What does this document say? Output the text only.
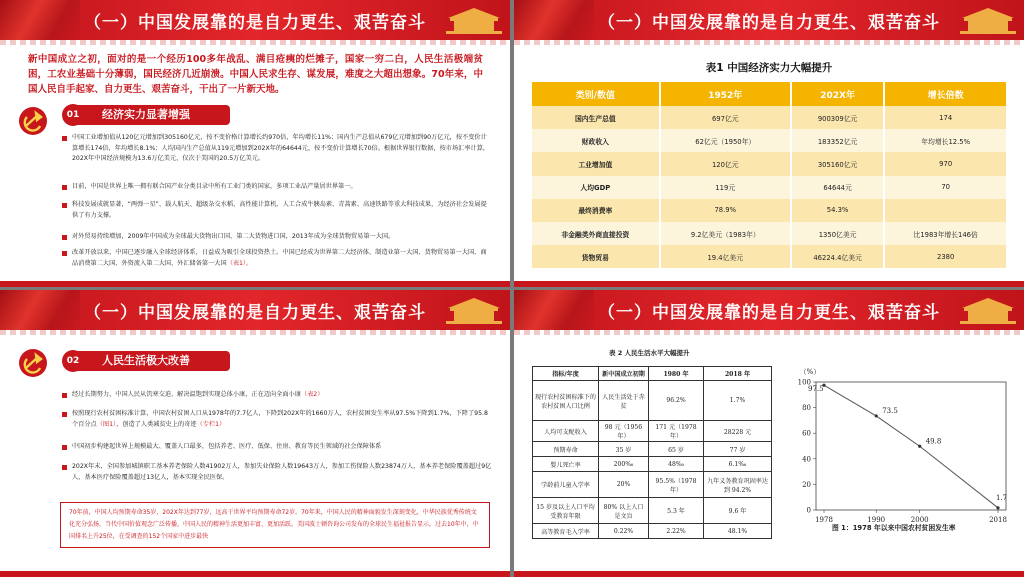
（一）中国发展靠的是自力更生、艰苦奋斗
新中国成立之初，面对的是一个经历100多年战乱、满目疮痍的烂摊子，国家一穷二白，人民生活极端贫困，工农业基础十分薄弱，国民经济几近崩溃。中国人民求生存、谋发展，难度之大超出想象。70年来，中国人民自手起家、自力更生、艰苦奋斗，干出了一片新天地。
01	经济实力显著增强
中国工业增加值从120亿元增加到305160亿元，按不变价格计算增长约970倍，年均增长11%；国内生产总值从679亿元增加到90万亿元，按不变价计算增长174倍，年均增长8.1%；人均国内生产总值从119元增加到202X年的64644元，按不变价计算增长70倍。根据世界银行数据，按市场汇率计算，202X年中国经济规模为13.6万亿美元，仅次于美国的20.5万亿美元。
目前，中国是世界上唯一拥有联合国产业分类目录中所有工业门类的国家，多项工业品产量居世界第一。
科技发展成就显著，“两弹一星”、载人航天、超级杂交水稻、高性能计算机、人工合成牛胰岛素、青蒿素、高速铁路等重大科技成果，为经济社会发展提供了有力支撑。
对外贸易持续增加，2009年中国成为全球最大货物出口国、第二大货物进口国，2013年成为全球货物贸易第一大国。
改革开放以来，中国已逐步融入全球经济体系，日益成为吸引全球投资热土。中国已经成为世界第二大经济体、制造业第一大国、货物贸易第一大国、商品消费第二大国、外资流入第二大国、外汇储备第一大国（表1）。
（一）中国发展靠的是自力更生、艰苦奋斗
表1 中国经济实力大幅提升
类别/数值	1952年	202X年	增长倍数
国内生产总值	697亿元	900309亿元	174
财政收入	62亿元（1950年）	183352亿元	年均增长12.5%
工业增加值	120亿元	305160亿元	970
人均GDP	119元	64644元	70
最终消费率	78.9%	54.3%	
非金融类外商直接投资	9.2亿美元（1983年）	1350亿美元	比1983年增长146倍
货物贸易	19.4亿美元	46224.4亿美元	2380
（一）中国发展靠的是自力更生、艰苦奋斗
02	人民生活极大改善
经过长期努力，中国人民从饥寒交迫、解决温饱到实现总体小康，正在迈向全面小康（表2）
按照现行农村贫困标准计算，中国农村贫困人口从1978年的7.7亿人，下降到202X年的1660万人，农村贫困发生率从97.5%下降到1.7%，下降了95.8个百分点（图1），创造了人类减贫史上的奇迹（专栏1）
中国初步构建起世界上规模最大、覆盖人口最多，包括养老、医疗、低保、住房、教育等民生领域的社会保障体系
202X年末，全国参加城镇职工基本养老保险人数41902万人，参加失业保险人数19643万人，参加工伤保险人数23874万人，基本养老保险覆盖超过9亿人，基本医疗保险覆盖超过13亿人，基本实现全民医保。
70年前，中国人均预期寿命35岁，202X年达到77岁，远高于世界平均预期寿命72岁。70年来，中国人民的精神面貌发生深刻变化，中华民族优秀传统文化充分弘扬，当代中国价值观念广泛传播，中国人民的精神生活更加丰富、更加活跃。美国波士顿咨询公司发布的全球民生福祉报告显示，过去10年中，中国排名上升25位，在受调查的152个国家中进步最快
（一）中国发展靠的是自力更生、艰苦奋斗
表 2 人民生活水平大幅提升
指标/年度	新中国成立初期	1980 年	2018 年
现行农村贫困标准下的农村贫困人口比例	人民生活处于赤贫	96.2%	1.7%
人均可支配收入	98 元（1956 年）	171 元（1978 年）	28228 元
预期寿命	35 岁	65 岁	77 岁
婴儿死亡率	200‰	48‰	6.1‰
学龄前儿童入学率	20%	95.5%（1978 年）	九年义务教育巩固率达到 94.2%
15 岁及以上人口平均受教育年限	80% 以上人口是文盲	5.3 年	9.6 年
高等教育毛入学率	0.22%	2.22%	48.1%
（%）
0
20
40
60
80
100
1978	1990	2000	2018
97.5
73.5
49.8
1.7
图 1：1978 年以来中国农村贫困发生率
